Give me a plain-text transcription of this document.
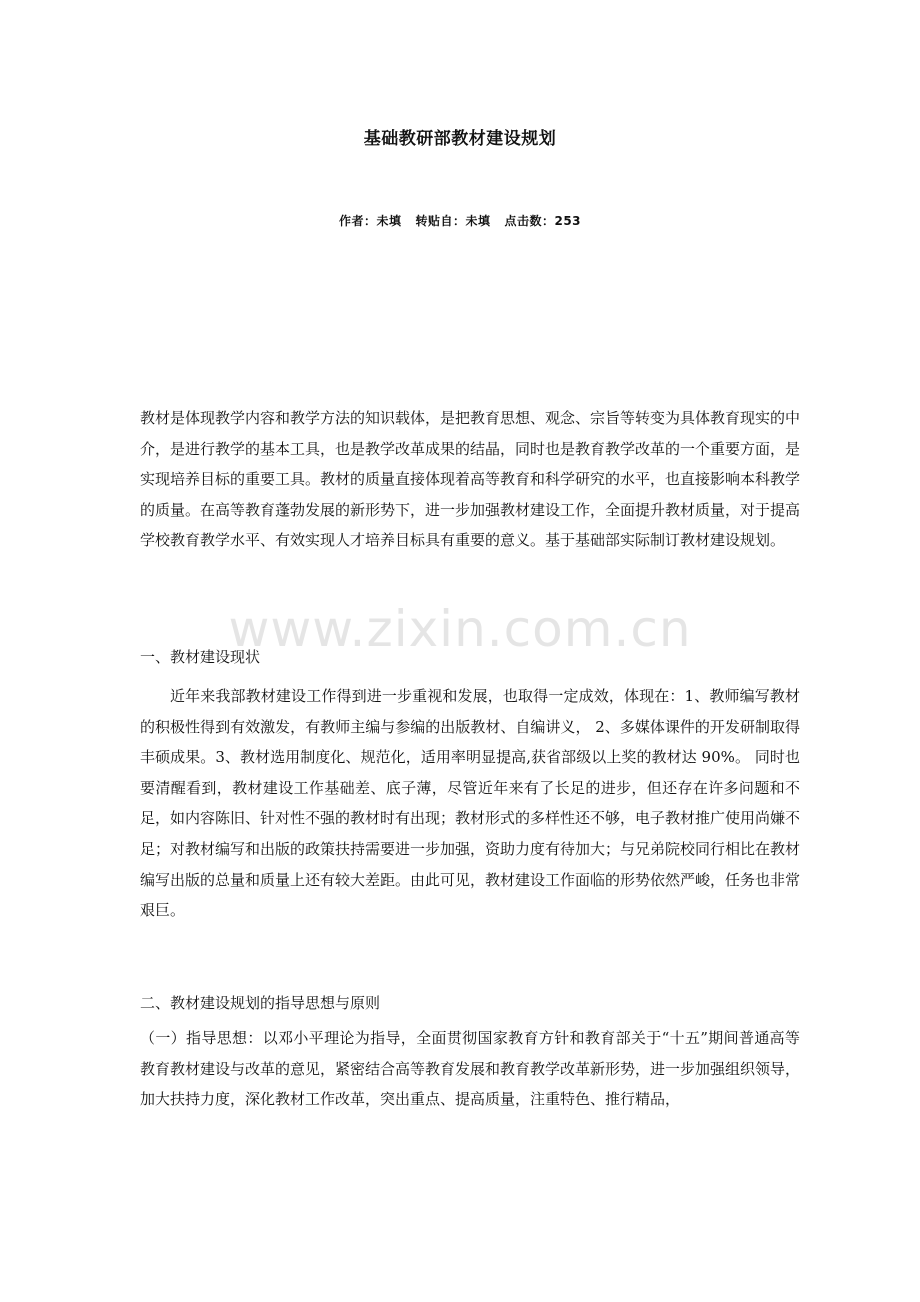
基础教研部教材建设规划
作者：未填 转贴自：未填 点击数：253
教材是体现教学内容和教学方法的知识载体，是把教育思想、观念、宗旨等转变为具体教育现实的中介，是进行教学的基本工具，也是教学改革成果的结晶，同时也是教育教学改革的一个重要方面，是实现培养目标的重要工具。教材的质量直接体现着高等教育和科学研究的水平，也直接影响本科教学的质量。在高等教育蓬勃发展的新形势下，进一步加强教材建设工作，全面提升教材质量，对于提高学校教育教学水平、有效实现人才培养目标具有重要的意义。基于基础部实际制订教材建设规划。
www.zixin.com.cn
一、教材建设现状
近年来我部教材建设工作得到进一步重视和发展，也取得一定成效，体现在：1、教师编写教材的积极性得到有效激发，有教师主编与参编的出版教材、自编讲义， 2、多媒体课件的开发研制取得丰硕成果。3、教材选用制度化、规范化，适用率明显提高,获省部级以上奖的教材达 90%。 同时也要清醒看到，教材建设工作基础差、底子薄，尽管近年来有了长足的进步，但还存在许多问题和不足，如内容陈旧、针对性不强的教材时有出现；教材形式的多样性还不够，电子教材推广使用尚嫌不足；对教材编写和出版的政策扶持需要进一步加强，资助力度有待加大；与兄弟院校同行相比在教材编写出版的总量和质量上还有较大差距。由此可见，教材建设工作面临的形势依然严峻，任务也非常艰巨。
二、教材建设规划的指导思想与原则
（一）指导思想：以邓小平理论为指导，全面贯彻国家教育方针和教育部关于“十五”期间普通高等教育教材建设与改革的意见，紧密结合高等教育发展和教育教学改革新形势，进一步加强组织领导，加大扶持力度，深化教材工作改革，突出重点、提高质量，注重特色、推行精品，
